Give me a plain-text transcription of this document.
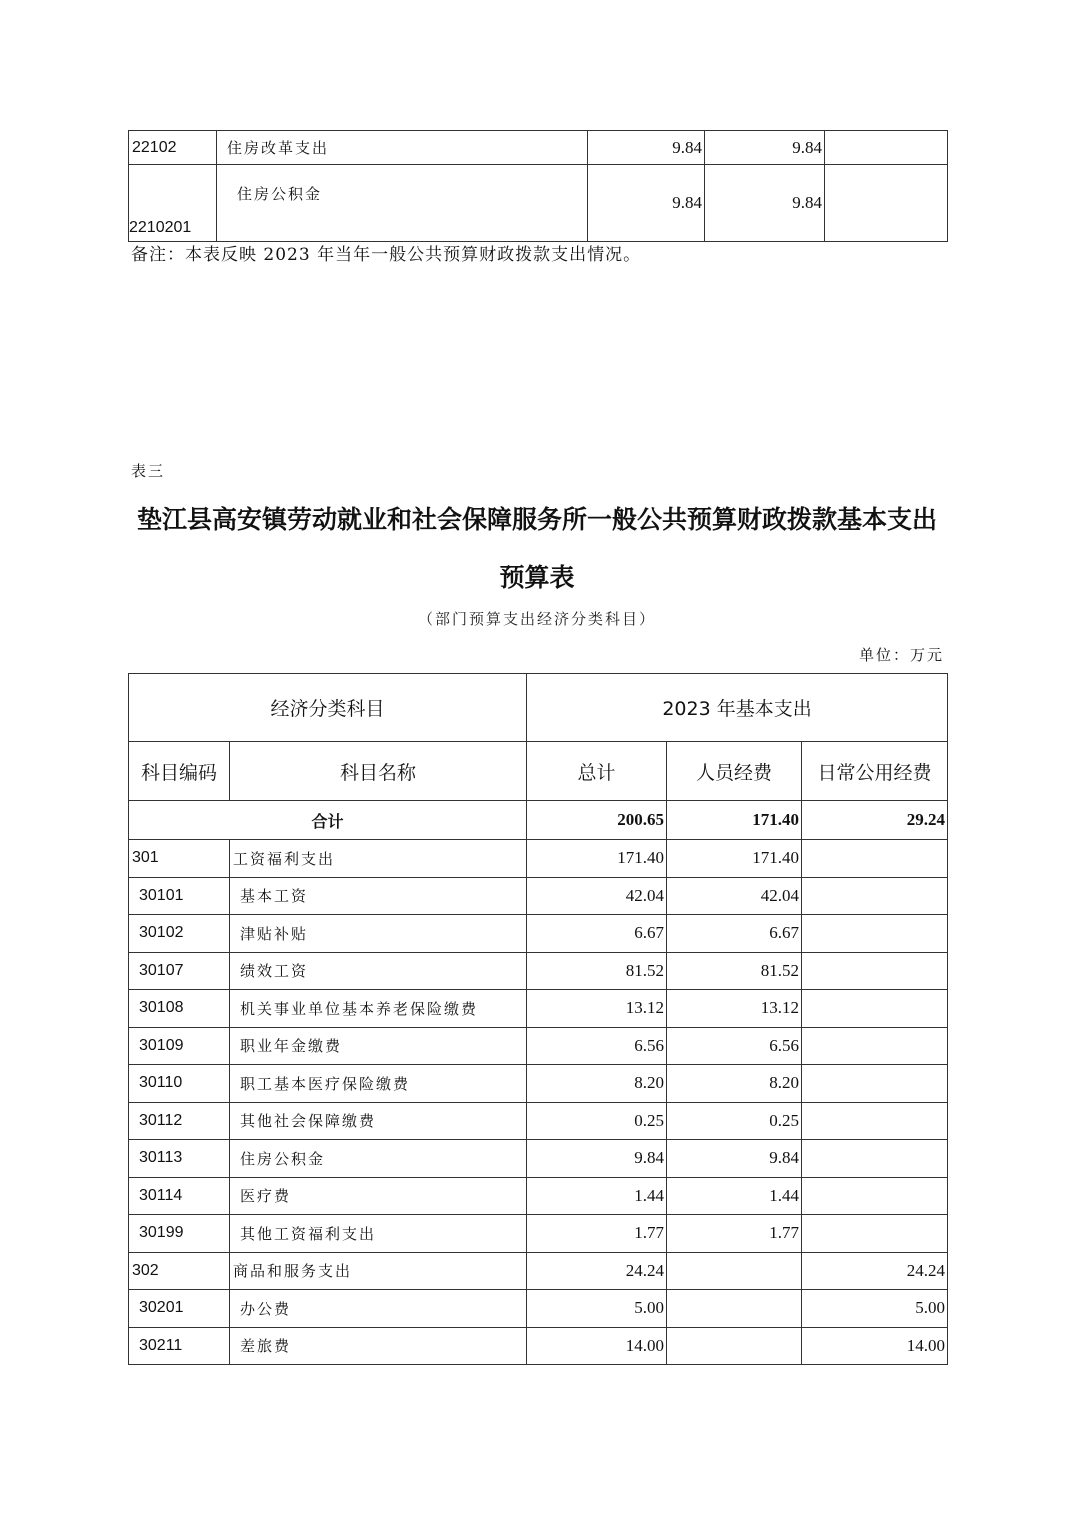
22102	住房改革支出	9.84	9.84	
2210201	住房公积金	9.84	9.84	
备注：本表反映 2023 年当年一般公共预算财政拨款支出情况。
表三
垫江县高安镇劳动就业和社会保障服务所一般公共预算财政拨款基本支出
预算表
（部门预算支出经济分类科目）
单位：万元
经济分类科目		2023 年基本支出		
科目编码	科目名称	总计	人员经费	日常公用经费
合计		200.65	171.40	29.24
301	工资福利支出	171.40	171.40	
30101	基本工资	42.04	42.04	
30102	津贴补贴	6.67	6.67	
30107	绩效工资	81.52	81.52	
30108	机关事业单位基本养老保险缴费	13.12	13.12	
30109	职业年金缴费	6.56	6.56	
30110	职工基本医疗保险缴费	8.20	8.20	
30112	其他社会保障缴费	0.25	0.25	
30113	住房公积金	9.84	9.84	
30114	医疗费	1.44	1.44	
30199	其他工资福利支出	1.77	1.77	
302	商品和服务支出	24.24		24.24
30201	办公费	5.00		5.00
30211	差旅费	14.00		14.00
